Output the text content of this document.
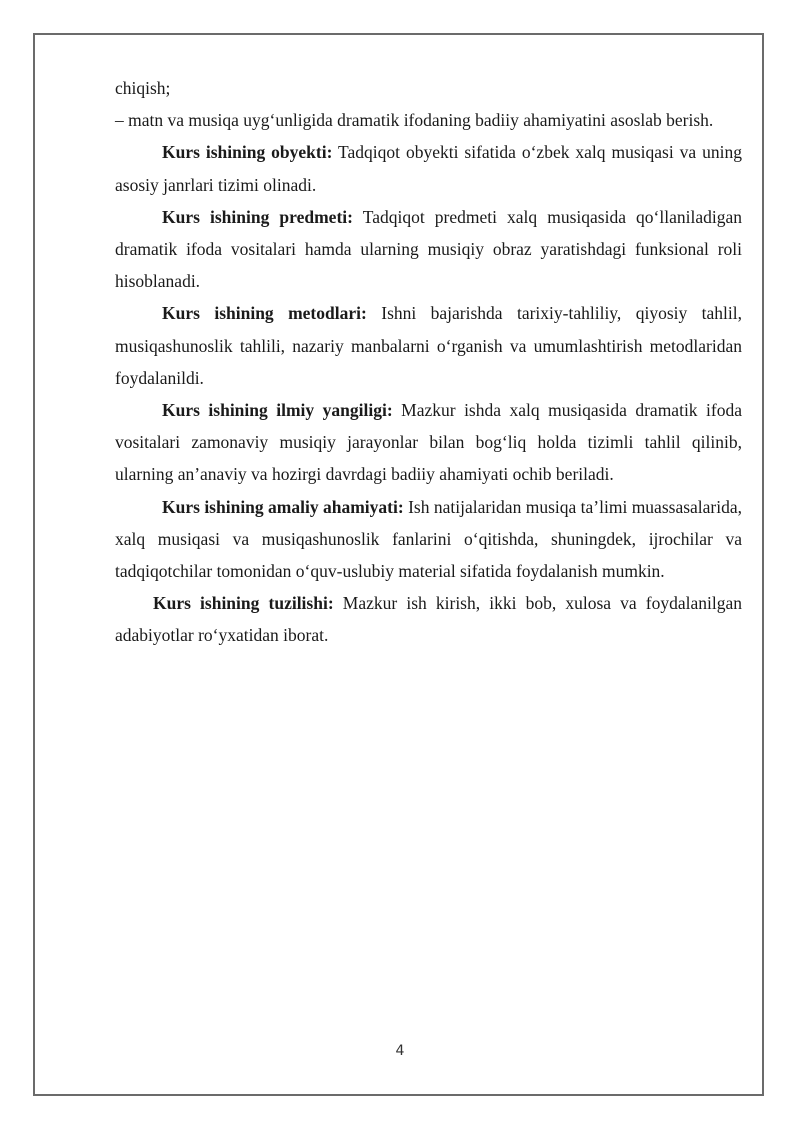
chiqish;

– matn va musiqa uyg‘unligida dramatik ifodaning badiiy ahamiyatini asoslab berish.

Kurs ishining obyekti: Tadqiqot obyekti sifatida o‘zbek xalq musiqasi va uning asosiy janrlari tizimi olinadi.

Kurs ishining predmeti: Tadqiqot predmeti xalq musiqasida qo‘llaniladigan dramatik ifoda vositalari hamda ularning musiqiy obraz yaratishdagi funksional roli hisoblanadi.

Kurs ishining metodlari: Ishni bajarishda tarixiy-tahliliy, qiyosiy tahlil, musiqashunoslik tahlili, nazariy manbalarni o‘rganish va umumlashtirish metodlaridan foydalanildi.

Kurs ishining ilmiy yangiligi: Mazkur ishda xalq musiqasida dramatik ifoda vositalari zamonaviy musiqiy jarayonlar bilan bog‘liq holda tizimli tahlil qilinib, ularning an’anaviy va hozirgi davrdagi badiiy ahamiyati ochib beriladi.

Kurs ishining amaliy ahamiyati: Ish natijalaridan musiqa ta’limi muassasalarida, xalq musiqasi va musiqashunoslik fanlarini o‘qitishda, shuningdek, ijrochilar va tadqiqotchilar tomonidan o‘quv-uslubiy material sifatida foydalanish mumkin.

Kurs ishining tuzilishi: Mazkur ish kirish, ikki bob, xulosa va foydalanilgan adabiyotlar ro‘yxatidan iborat.

4
